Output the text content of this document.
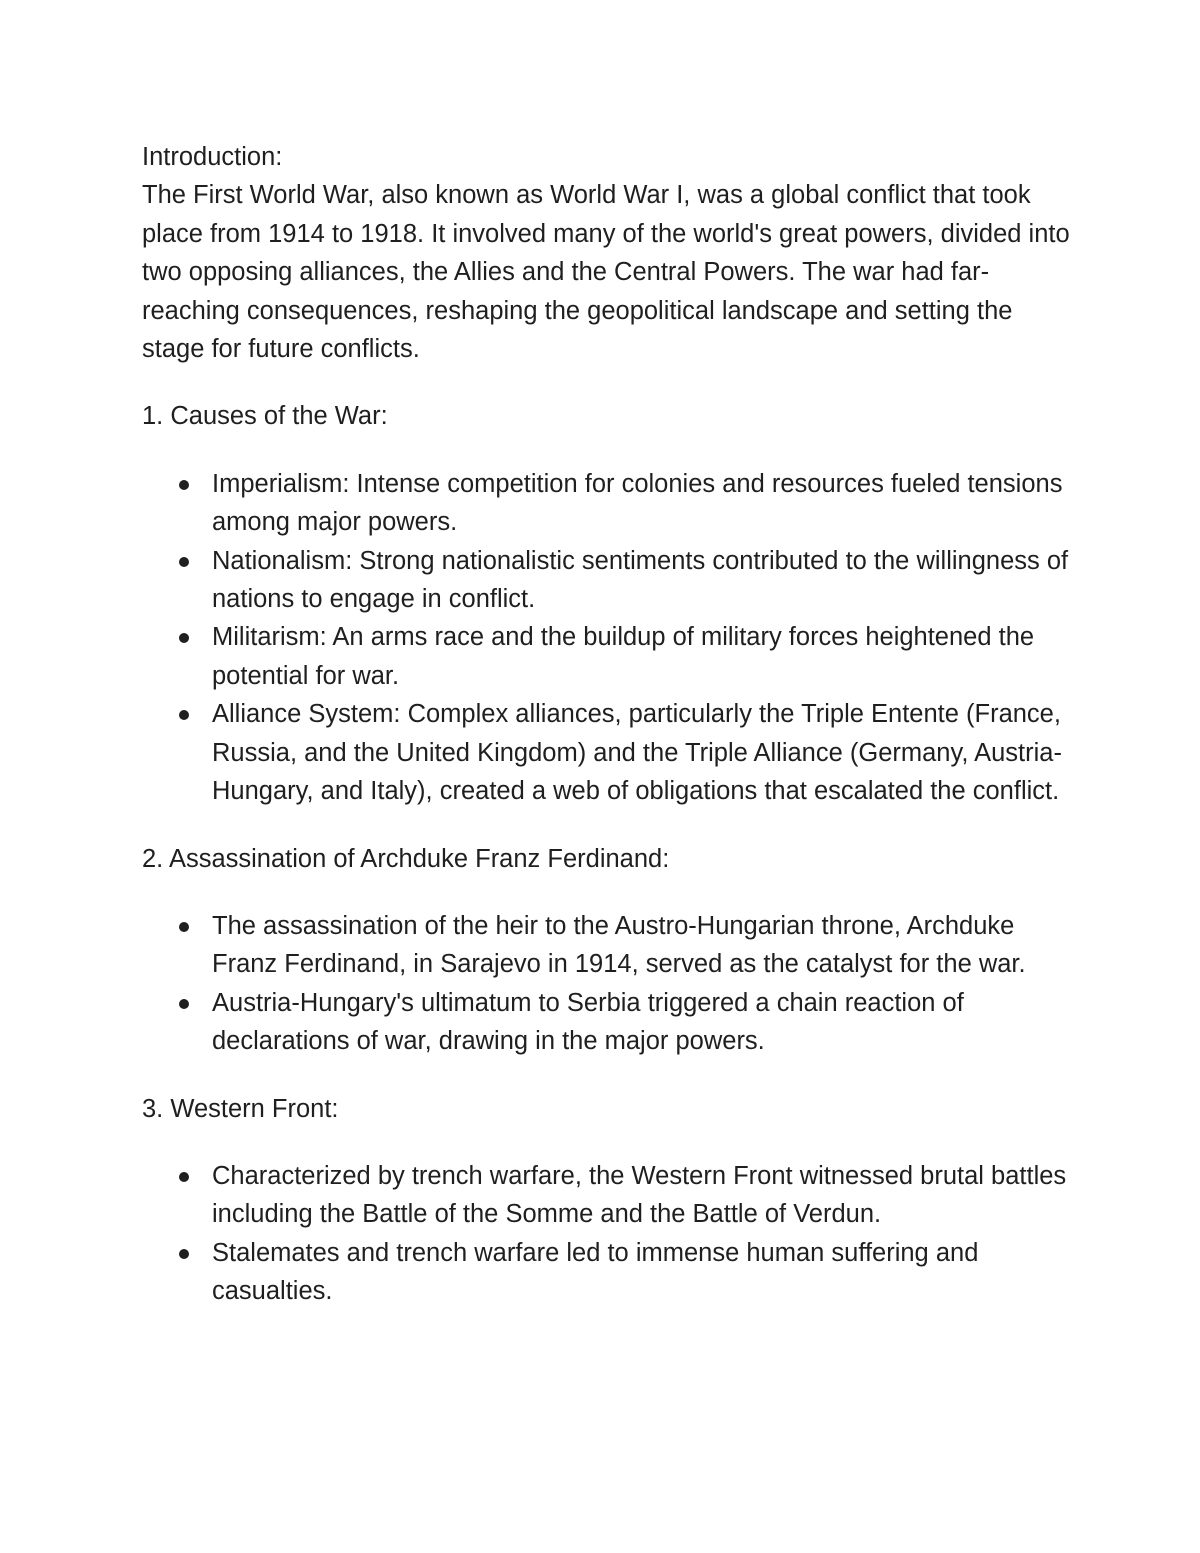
Introduction:

The First World War, also known as World War I, was a global conflict that took place from 1914 to 1918. It involved many of the world's great powers, divided into two opposing alliances, the Allies and the Central Powers. The war had far-reaching consequences, reshaping the geopolitical landscape and setting the stage for future conflicts.

1. Causes of the War:

Imperialism: Intense competition for colonies and resources fueled tensions among major powers.
Nationalism: Strong nationalistic sentiments contributed to the willingness of nations to engage in conflict.
Militarism: An arms race and the buildup of military forces heightened the potential for war.
Alliance System: Complex alliances, particularly the Triple Entente (France, Russia, and the United Kingdom) and the Triple Alliance (Germany, Austria-Hungary, and Italy), created a web of obligations that escalated the conflict.

2. Assassination of Archduke Franz Ferdinand:

The assassination of the heir to the Austro-Hungarian throne, Archduke Franz Ferdinand, in Sarajevo in 1914, served as the catalyst for the war.
Austria-Hungary's ultimatum to Serbia triggered a chain reaction of declarations of war, drawing in the major powers.

3. Western Front:

Characterized by trench warfare, the Western Front witnessed brutal battles including the Battle of the Somme and the Battle of Verdun.
Stalemates and trench warfare led to immense human suffering and casualties.
